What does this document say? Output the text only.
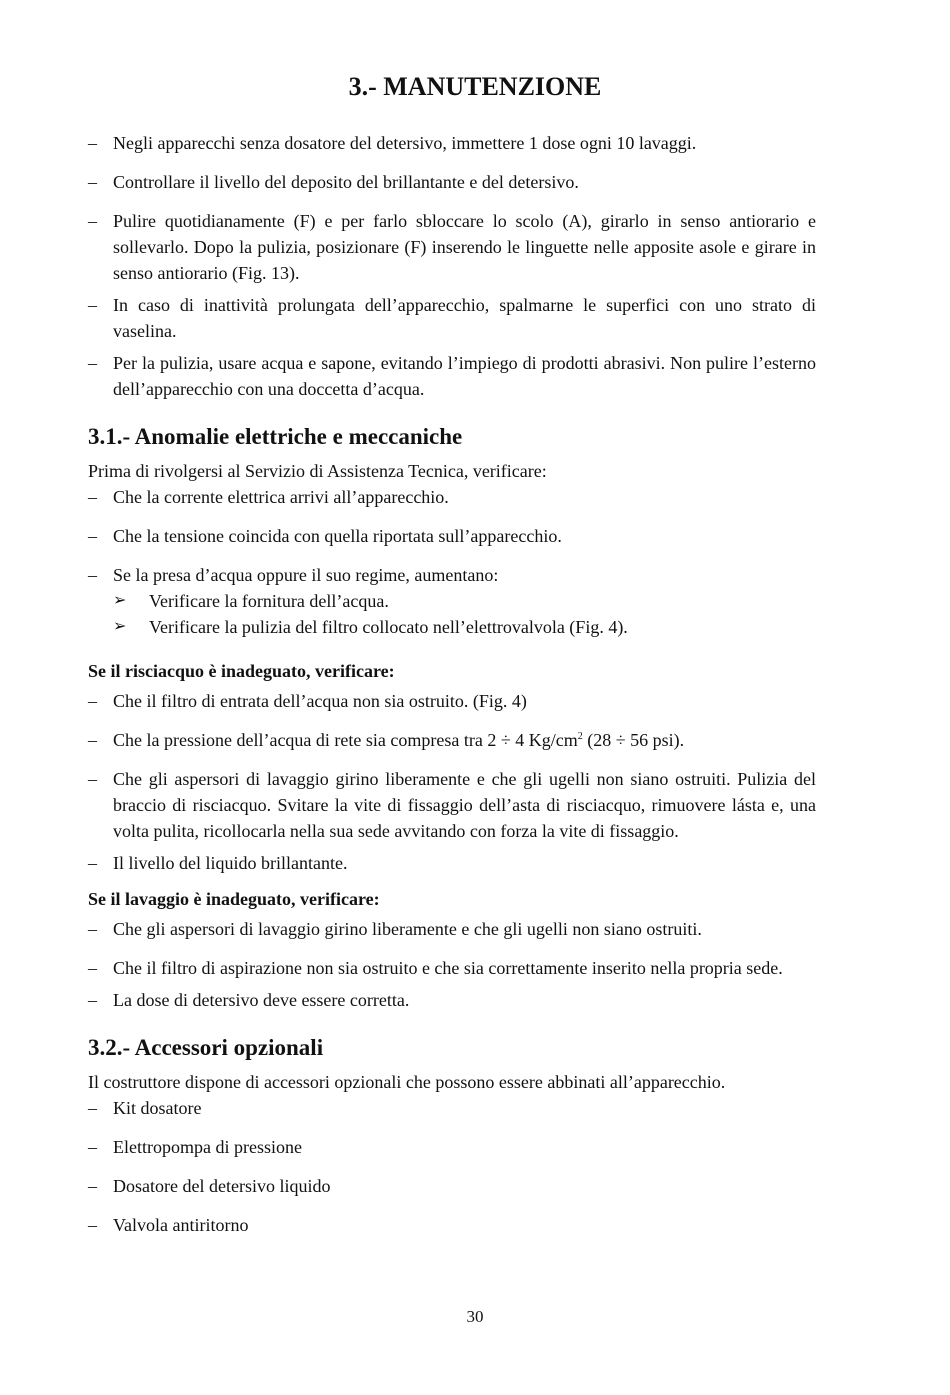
3.- MANUTENZIONE
– Negli apparecchi senza dosatore del detersivo, immettere 1 dose ogni 10 lavaggi.
– Controllare il livello del deposito del brillantante e del detersivo.
– Pulire quotidianamente (F) e per farlo sbloccare lo scolo (A), girarlo in senso antiorario e sollevarlo. Dopo la pulizia, posizionare (F) inserendo le linguette nelle apposite asole e girare in senso antiorario (Fig. 13).
– In caso di inattività prolungata dell’apparecchio, spalmarne le superfici con uno strato di vaselina.
– Per la pulizia, usare acqua e sapone, evitando l’impiego di prodotti abrasivi. Non pulire l’esterno dell’apparecchio con una doccetta d’acqua.
3.1.- Anomalie elettriche e meccaniche

Prima di rivolgersi al Servizio di Assistenza Tecnica, verificare:

– Che la corrente elettrica arrivi all’apparecchio.
– Che la tensione coincida con quella riportata sull’apparecchio.
– Se la presa d’acqua oppure il suo regime, aumentano:
➢ Verificare la fornitura dell’acqua.
➢ Verificare la pulizia del filtro collocato nell’elettrovalvola (Fig. 4).
Se il risciacquo è inadeguato, verificare:
– Che il filtro di entrata dell’acqua non sia ostruito. (Fig. 4)
– Che la pressione dell’acqua di rete sia compresa tra 2 ÷ 4 $Kg/cm^2$ (28 ÷ 56 psi).
– Che gli aspersori di lavaggio girino liberamente e che gli ugelli non siano ostruiti. Pulizia del braccio di risciacquo. Svitare la vite di fissaggio dell’asta di risciacquo, rimuovere lásta e, una volta pulita, ricollocarla nella sua sede avvitando con forza la vite di fissaggio.
– Il livello del liquido brillantante.
Se il lavaggio è inadeguato, verificare:
– Che gli aspersori di lavaggio girino liberamente e che gli ugelli non siano ostruiti.
– Che il filtro di aspirazione non sia ostruito e che sia correttamente inserito nella propria sede.
– La dose di detersivo deve essere corretta.
3.2.- Accessori opzionali

Il costruttore dispone di accessori opzionali che possono essere abbinati all’apparecchio.

– Kit dosatore
– Elettropompa di pressione
– Dosatore del detersivo liquido
– Valvola antiritorno
30
